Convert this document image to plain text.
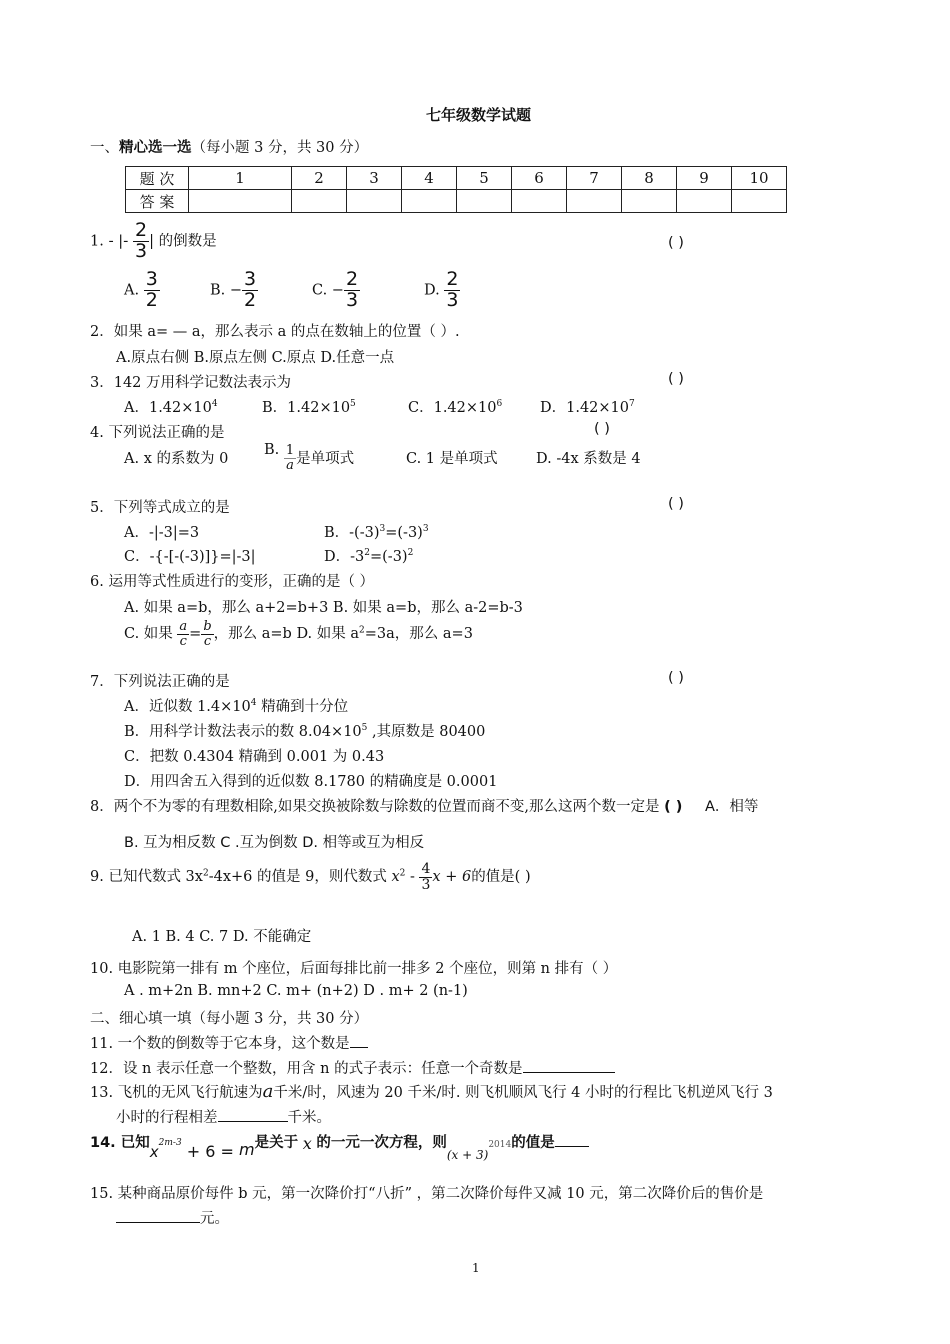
七年级数学试题
一、精心选一选（每小题 3 分，共 30 分）
题 次	1	2	3	4	5	6	7	8	9	10
答 案										
1. - |- $\frac{2}{3}$ | 的倒数是	( )
A. $\frac{3}{2}$	B. − $\frac{3}{2}$	C. − $\frac{2}{3}$	D. $\frac{2}{3}$
2．如果 a= — a，那么表示 a 的点在数轴上的位置（ ）.
A.原点右侧 B.原点左侧 C.原点 D.任意一点
3．142 万用科学记数法表示为	( )
A．$1.42\times 10^4$	B．$1.42\times 10^5$	C．$1.42\times 10^6$	D．$1.42\times 10^7$
4. 下列说法正确的是	( )
A. x 的系数为 0
B. $\frac{1}{a}$ 是单项式	C. 1 是单项式	D. -4x 系数是 4
5．下列等式成立的是	( )
A．-|-3|=3	B．$-(-3)^3=(-3)^3$
C．-{-[-(-3)]}=|-3|	D．$-3^2=(-3)^2$
6. 运用等式性质进行的变形，正确的是（ ）
A. 如果 a=b，那么 a+2=b+3 B. 如果 a=b，那么 a-2=b-3
C. 如果 $\frac{a}{c} = \frac{b}{c}$ ，那么 a=b D. 如果 $a^2=3a$，那么 a=3
7．下列说法正确的是	( )
A．近似数 $1.4\times 10^4$ 精确到十分位
B．用科学计数法表示的数 $8.04\times 10^5$ ,其原数是 80400
C．把数 0.4304 精确到 0.001 为 0.43
D．用四舍五入得到的近似数 8.1780 的精确度是 0.0001
8．两个不为零的有理数相除,如果交换被除数与除数的位置而商不变,那么这两个数一定是 ( ) A．相等
B. 互为相反数 C .互为倒数 D. 相等或互为相反
9. 已知代数式 $3x^2-4x+6$ 的值是 9，则代数式 $x^2 - \frac{4}{3}$ x + 6的值是( )
A. 1 B. 4 C. 7 D. 不能确定
10. 电影院第一排有 m 个座位，后面每排比前一排多 2 个座位，则第 n 排有（ ）
A . m+2n B. mn+2 C. m+ (n+2) D . m+ 2 (n-1)
二、细心填一填（每小题 3 分，共 30 分）
11. 一个数的倒数等于它本身，这个数是
12．设 n 表示任意一个整数，用含 n 的式子表示：任意一个奇数是
13. 飞机的无风飞行航速为a千米/时，风速为 20 千米/时. 则飞机顺风飞行 4 小时的行程比飞机逆风飞行 3
小时的行程相差	千米。
14. 已知$x^{2m-3} + 6 = m$是关于 x 的一元一次方程，则$_{(x + 3)}^{2014}$的值是
15. 某种商品原价每件 b 元，第一次降价打“八折” ，第二次降价每件又减 10 元，第二次降价后的售价是
元。
1
